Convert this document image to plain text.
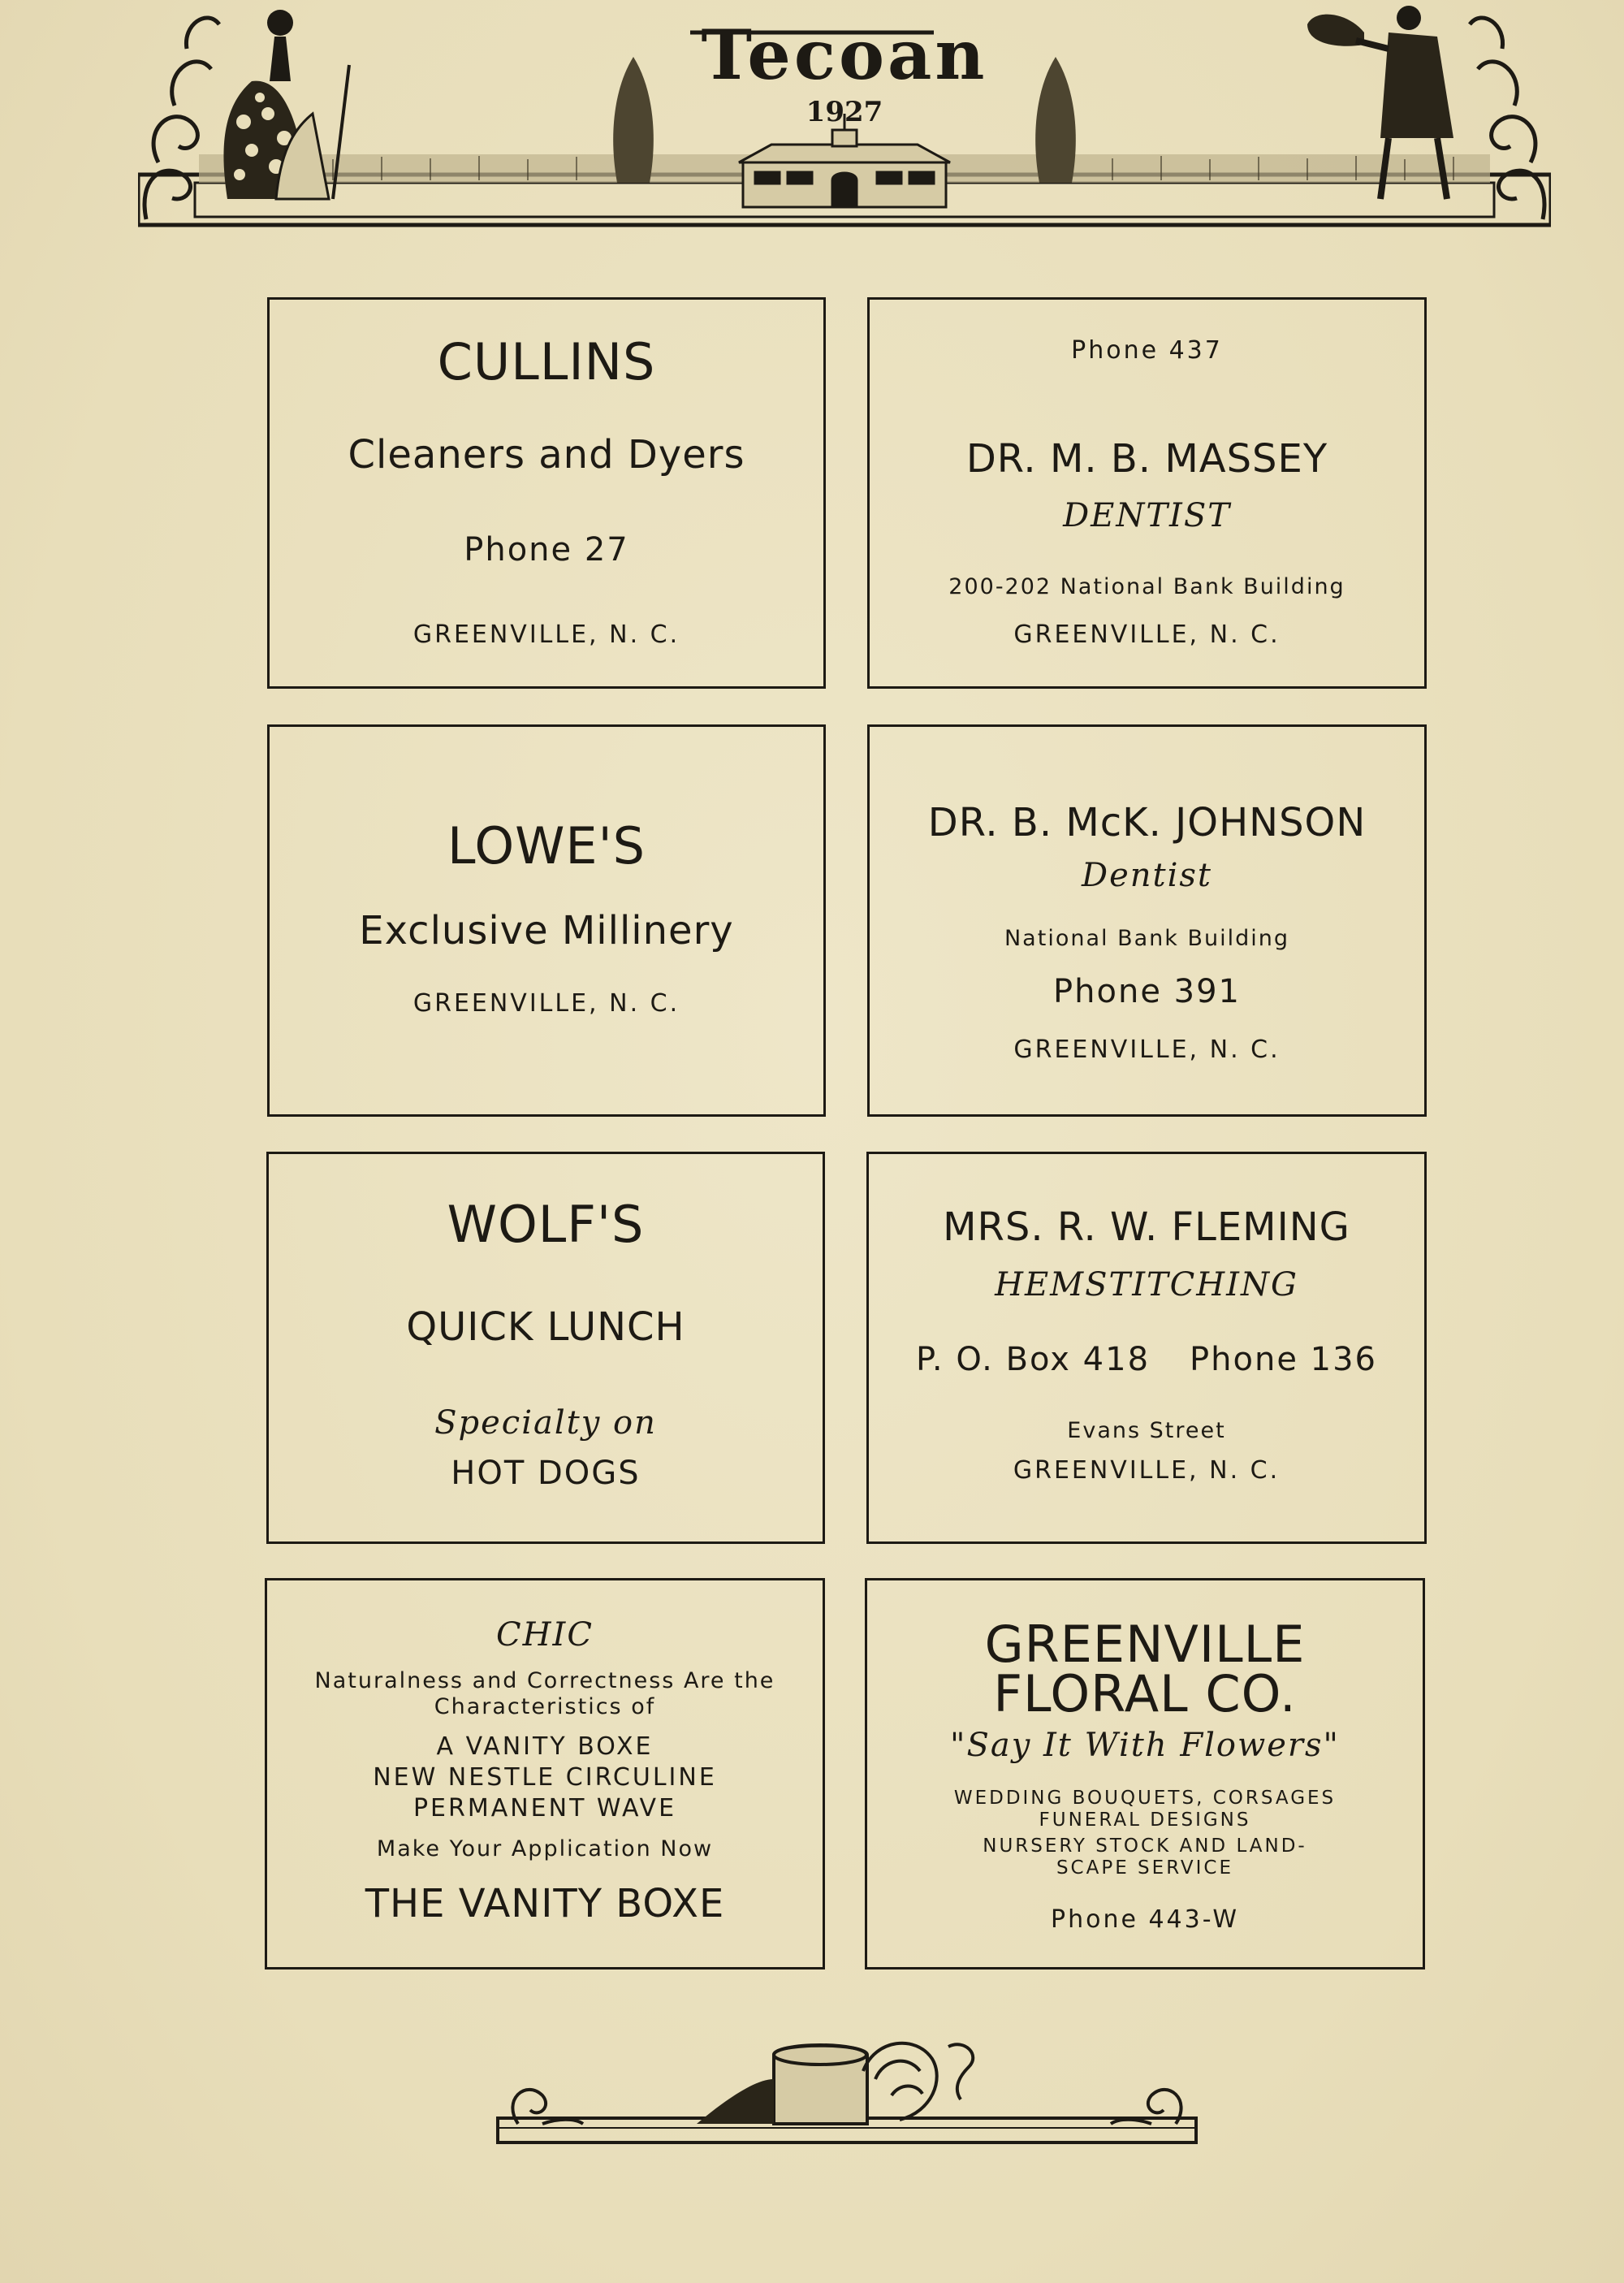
Tecoan
1927
CULLINS
Cleaners and Dyers
Phone 27
GREENVILLE, N. C.
Phone 437
DR. M. B. MASSEY
DENTIST
200-202 National Bank Building
GREENVILLE, N. C.
LOWE'S
Exclusive Millinery
GREENVILLE, N. C.
DR. B. McK. JOHNSON
Dentist
National Bank Building
Phone 391
GREENVILLE, N. C.
WOLF'S
QUICK LUNCH
Specialty on
HOT DOGS
MRS. R. W. FLEMING
HEMSTITCHING
P. O. Box 418 Phone 136
Evans Street
GREENVILLE, N. C.
CHIC
Naturalness and Correctness Are the
Characteristics of
A VANITY BOXE
NEW NESTLE CIRCULINE
PERMANENT WAVE
Make Your Application Now
THE VANITY BOXE
GREENVILLE
FLORAL CO.
"Say It With Flowers"
WEDDING BOUQUETS, CORSAGES
FUNERAL DESIGNS
NURSERY STOCK AND LAND-
SCAPE SERVICE
Phone 443-W
